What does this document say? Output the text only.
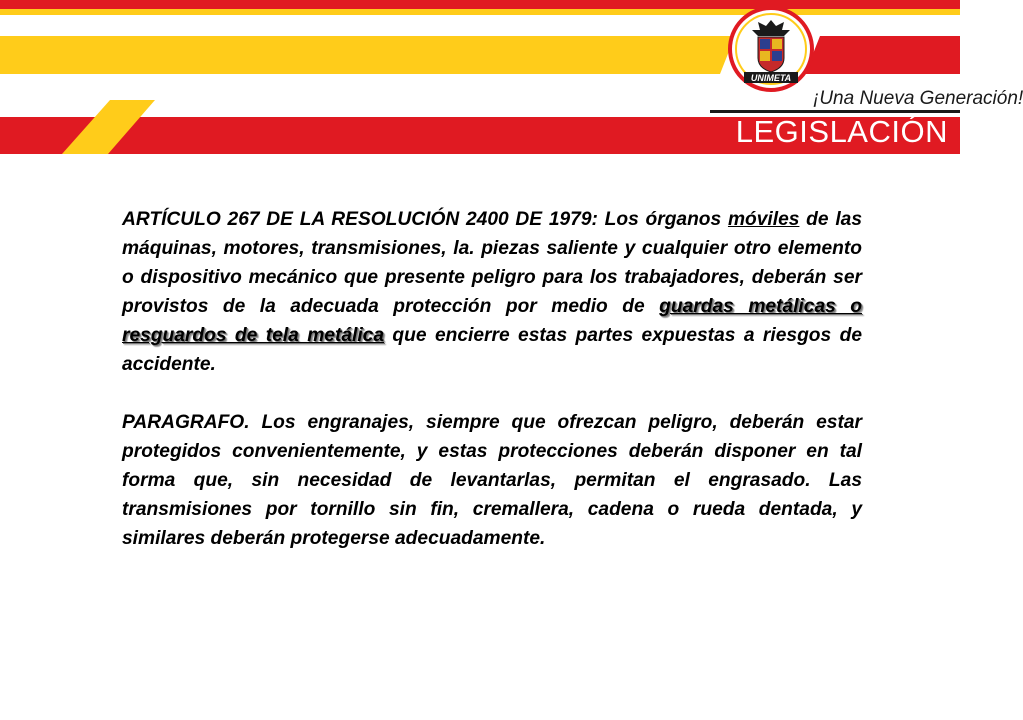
UNIMETA
¡Una Nueva Generación!
LEGISLACIÓN

ARTÍCULO 267 DE LA RESOLUCIÓN 2400 DE 1979: Los órganos móviles de las máquinas, motores, transmisiones, la. piezas saliente y cualquier otro elemento o dispositivo mecánico que presente peligro para los trabajadores, deberán ser provistos de la adecuada protección por medio de guardas metálicas o resguardos de tela metálica que encierre estas partes expuestas a riesgos de accidente.

PARAGRAFO. Los engranajes, siempre que ofrezcan peligro, deberán estar protegidos convenientemente, y estas protecciones deberán disponer en tal forma que, sin necesidad de levantarlas, permitan el engrasado. Las transmisiones por tornillo sin fin, cremallera, cadena o rueda dentada, y similares deberán protegerse adecuadamente.
